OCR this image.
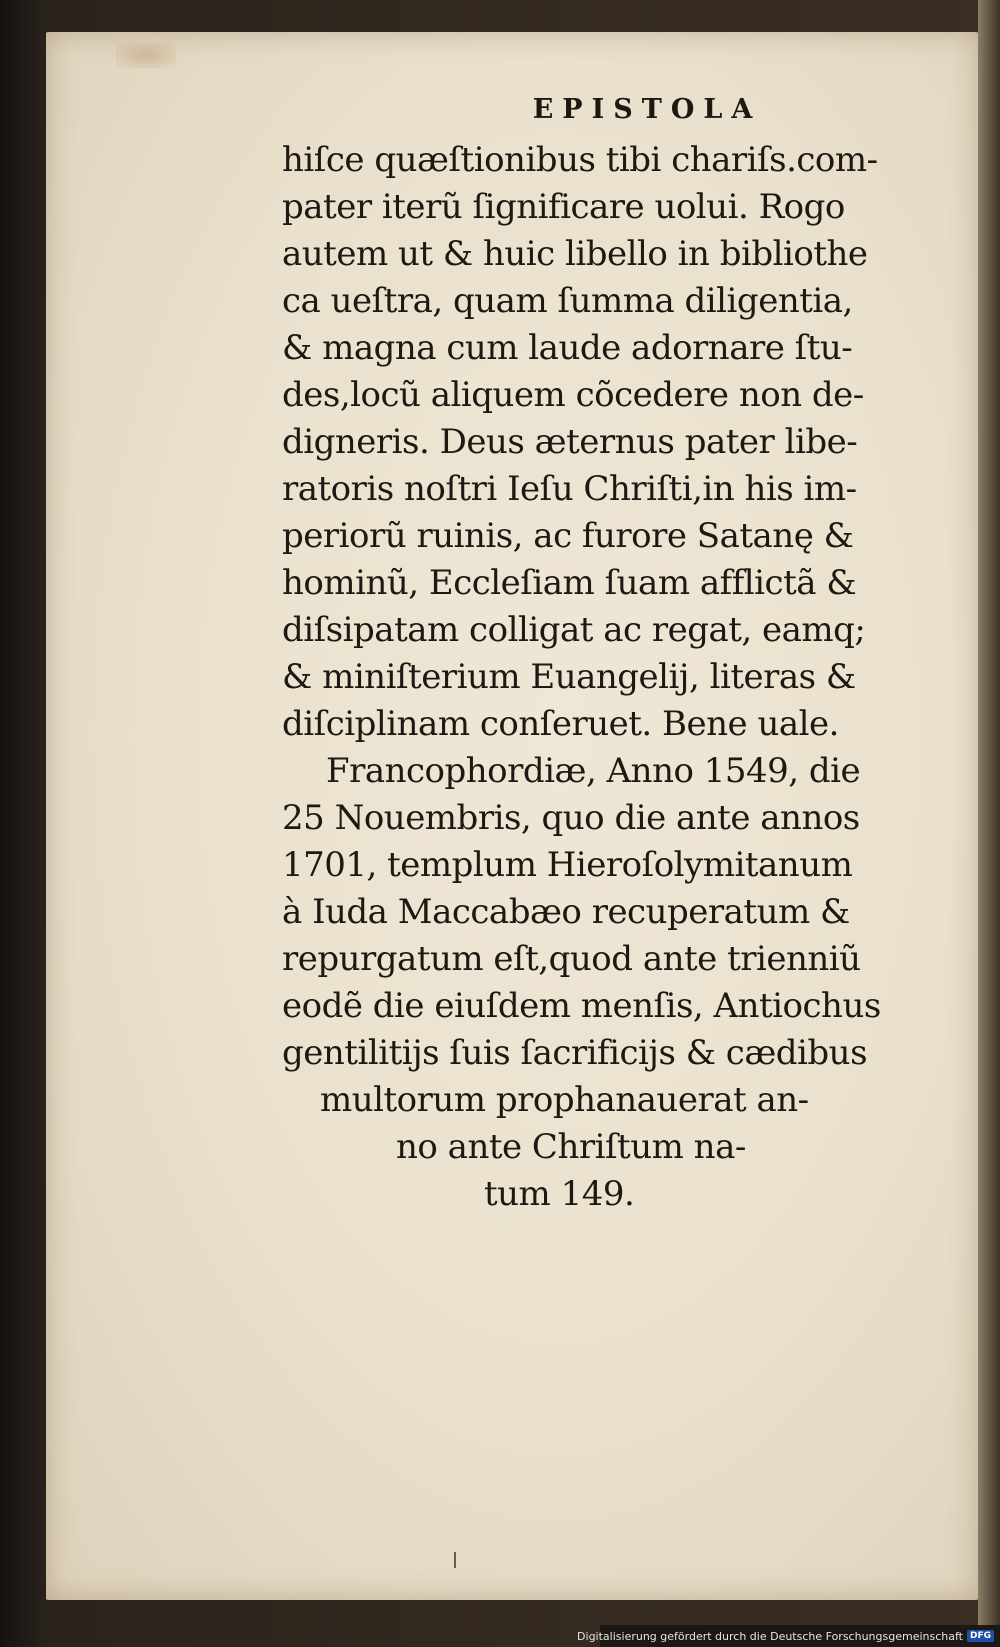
EPISTOLA
hiſce quæſtionibus tibi chariſs.com-
pater iterũ ſignificare uolui. Rogo
autem ut & huic libello in bibliothe
ca ueſtra, quam ſumma diligentia,
& magna cum laude adornare ſtu-
des,locũ aliquem cõcedere non de-
digneris. Deus æternus pater libe-
ratoris noſtri Ieſu Chriſti,in his im-
periorũ ruinis, ac furore Satanę &
hominũ, Eccleſiam ſuam afflictã &
diſsipatam colligat ac regat, eamq;
& miniſterium Euangelij, literas &
diſciplinam conſeruet. Bene uale.
Francophordiæ, Anno 1549, die
25 Nouembris, quo die ante annos
1701, templum Hieroſolymitanum
à Iuda Maccabæo recuperatum &
repurgatum eſt,quod ante trienniũ
eodẽ die eiuſdem menſis, Antiochus
gentilitijs ſuis ſacrificijs & cædibus
multorum prophanauerat an-
no ante Chriſtum na-
tum 149.
Digitalisierung gefördert durch die Deutsche Forschungsgemeinschaft DFG
